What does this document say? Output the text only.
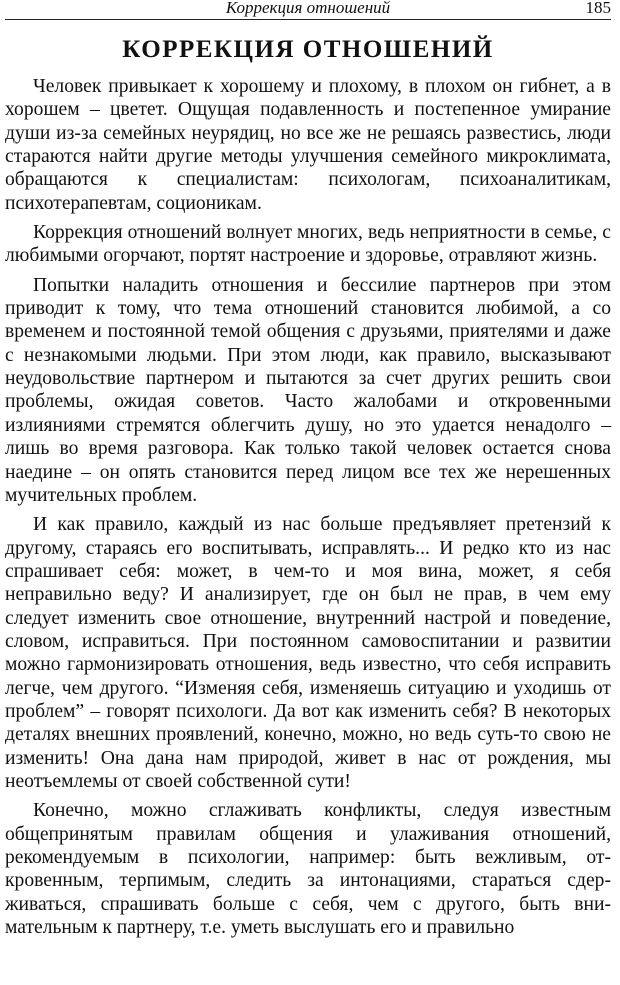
Коррекция отношений	185
КОРРЕКЦИЯ ОТНОШЕНИЙ

Человек привыкает к хорошему и плохому, в плохом он гибнет, а в хорошем – цветет. Ощущая подавленность и постепенное умирание души из-за семейных неурядиц, но все же не решаясь развестись, люди стараются найти другие методы улучшения семейного микроклимата, обращаются к специалистам: психологам, психоаналитикам, психотерапевтам, соционикам.

Коррекция отношений волнует многих, ведь неприятности в семье, с любимыми огорчают, портят настроение и здоровье, отравляют жизнь.

Попытки наладить отношения и бессилие партнеров при этом приводит к тому, что тема отношений становится любимой, а со временем и постоянной темой общения с друзьями, приятелями и даже с незнакомыми людьми. При этом люди, как правило, высказывают неудовольствие партнером и пытаются за счет других решить свои проблемы, ожидая советов. Часто жалобами и откровенными излияниями стремятся облегчить душу, но это удается ненадолго – лишь во время разговора. Как только такой человек остается снова наедине – он опять становится перед лицом все тех же нерешенных мучительных проблем.

И как правило, каждый из нас больше предъявляет претензий к другому, стараясь его воспитывать, исправлять... И редко кто из нас спрашивает себя: может, в чем-то и моя вина, может, я себя неправильно веду? И анализирует, где он был не прав, в чем ему следует изменить свое отношение, внутренний настрой и поведение, словом, исправиться. При постоянном самовоспитании и развитии можно гармонизировать отношения, ведь известно, что себя исправить легче, чем другого. “Изменяя себя, изменяешь ситуацию и уходишь от проблем” – говорят психологи. Да вот как изменить себя? В некоторых деталях внешних проявлений, конечно, можно, но ведь суть-то свою не изменить! Она дана нам природой, живет в нас от рождения, мы неотъемлемы от своей собственной сути!

Конечно, можно сглаживать конфликты, следуя известным общепринятым правилам общения и улаживания отношений, рекомендуемым в психологии, например: быть вежливым, откровенным, терпимым, следить за интонациями, стараться сдерживаться, спрашивать больше с себя, чем с другого, быть внимательным к партнеру, т.е. уметь выслушать его и правильно
